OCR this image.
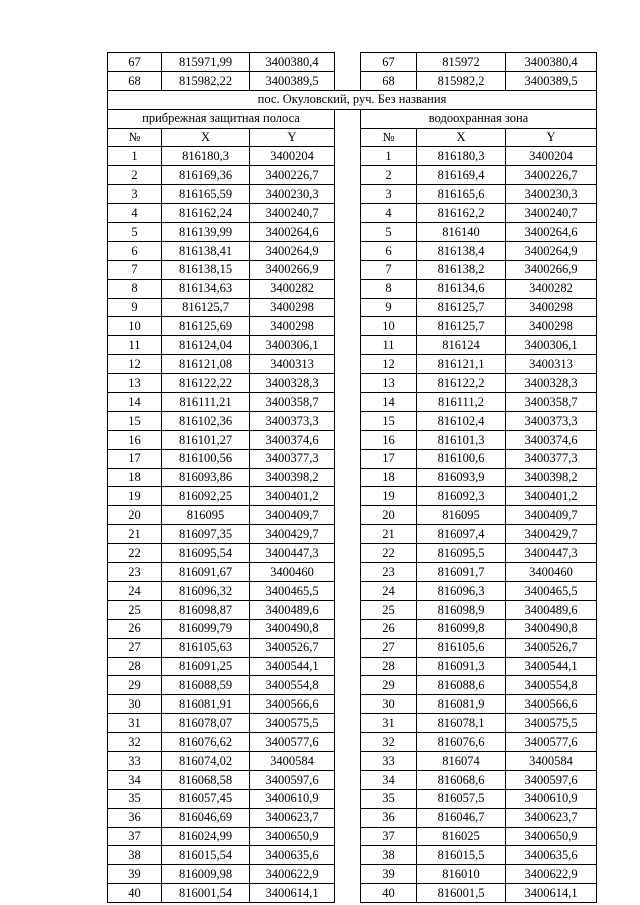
67	815971,99	3400380,4		67	815972	3400380,4
68	815982,22	3400389,5		68	815982,2	3400389,5
пос. Окуловский, руч. Без названия						
прибрежная защитная полоса				водоохранная зона		
№	X	Y		№	X	Y
1	816180,3	3400204		1	816180,3	3400204
2	816169,36	3400226,7		2	816169,4	3400226,7
3	816165,59	3400230,3		3	816165,6	3400230,3
4	816162,24	3400240,7		4	816162,2	3400240,7
5	816139,99	3400264,6		5	816140	3400264,6
6	816138,41	3400264,9		6	816138,4	3400264,9
7	816138,15	3400266,9		7	816138,2	3400266,9
8	816134,63	3400282		8	816134,6	3400282
9	816125,7	3400298		9	816125,7	3400298
10	816125,69	3400298		10	816125,7	3400298
11	816124,04	3400306,1		11	816124	3400306,1
12	816121,08	3400313		12	816121,1	3400313
13	816122,22	3400328,3		13	816122,2	3400328,3
14	816111,21	3400358,7		14	816111,2	3400358,7
15	816102,36	3400373,3		15	816102,4	3400373,3
16	816101,27	3400374,6		16	816101,3	3400374,6
17	816100,56	3400377,3		17	816100,6	3400377,3
18	816093,86	3400398,2		18	816093,9	3400398,2
19	816092,25	3400401,2		19	816092,3	3400401,2
20	816095	3400409,7		20	816095	3400409,7
21	816097,35	3400429,7		21	816097,4	3400429,7
22	816095,54	3400447,3		22	816095,5	3400447,3
23	816091,67	3400460		23	816091,7	3400460
24	816096,32	3400465,5		24	816096,3	3400465,5
25	816098,87	3400489,6		25	816098,9	3400489,6
26	816099,79	3400490,8		26	816099,8	3400490,8
27	816105,63	3400526,7		27	816105,6	3400526,7
28	816091,25	3400544,1		28	816091,3	3400544,1
29	816088,59	3400554,8		29	816088,6	3400554,8
30	816081,91	3400566,6		30	816081,9	3400566,6
31	816078,07	3400575,5		31	816078,1	3400575,5
32	816076,62	3400577,6		32	816076,6	3400577,6
33	816074,02	3400584		33	816074	3400584
34	816068,58	3400597,6		34	816068,6	3400597,6
35	816057,45	3400610,9		35	816057,5	3400610,9
36	816046,69	3400623,7		36	816046,7	3400623,7
37	816024,99	3400650,9		37	816025	3400650,9
38	816015,54	3400635,6		38	816015,5	3400635,6
39	816009,98	3400622,9		39	816010	3400622,9
40	816001,54	3400614,1		40	816001,5	3400614,1
